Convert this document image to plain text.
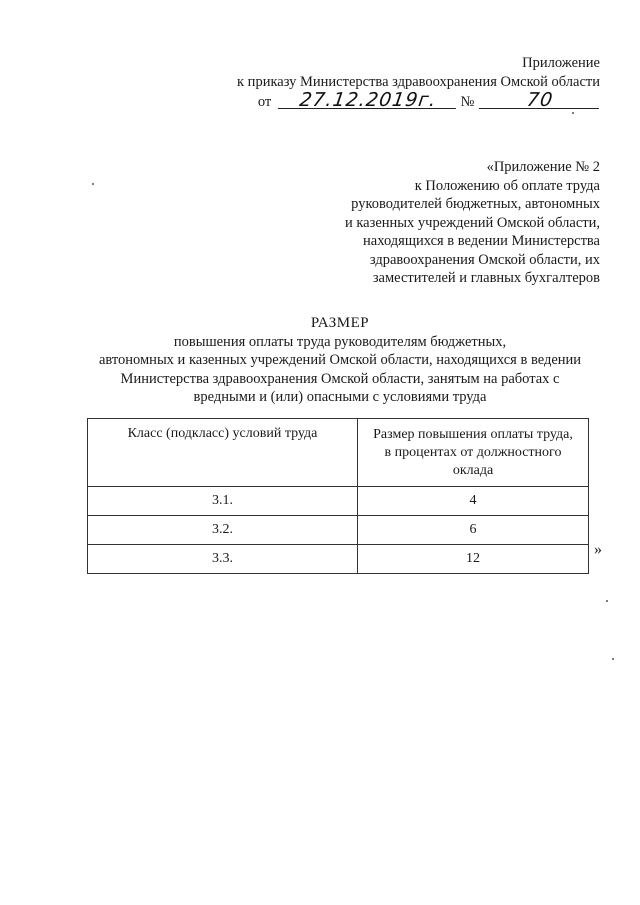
Приложение
к приказу Министерства здравоохранения Омской области
от 27.12.2019г. №	70
«Приложение № 2
к Положению об оплате труда
руководителей бюджетных, автономных
и казенных учреждений Омской области,
находящихся в ведении Министерства
здравоохранения Омской области, их
заместителей и главных бухгалтеров
РАЗМЕР
повышения оплаты труда руководителям бюджетных,
автономных и казенных учреждений Омской области, находящихся в ведении
Министерства здравоохранения Омской области, занятым на работах с
вредными и (или) опасными с условиями труда
Класс (подкласс) условий труда	Размер повышения оплаты труда,
в процентах от должностного
оклада

3.1.	4
3.2.	6
3.3.	12
»
